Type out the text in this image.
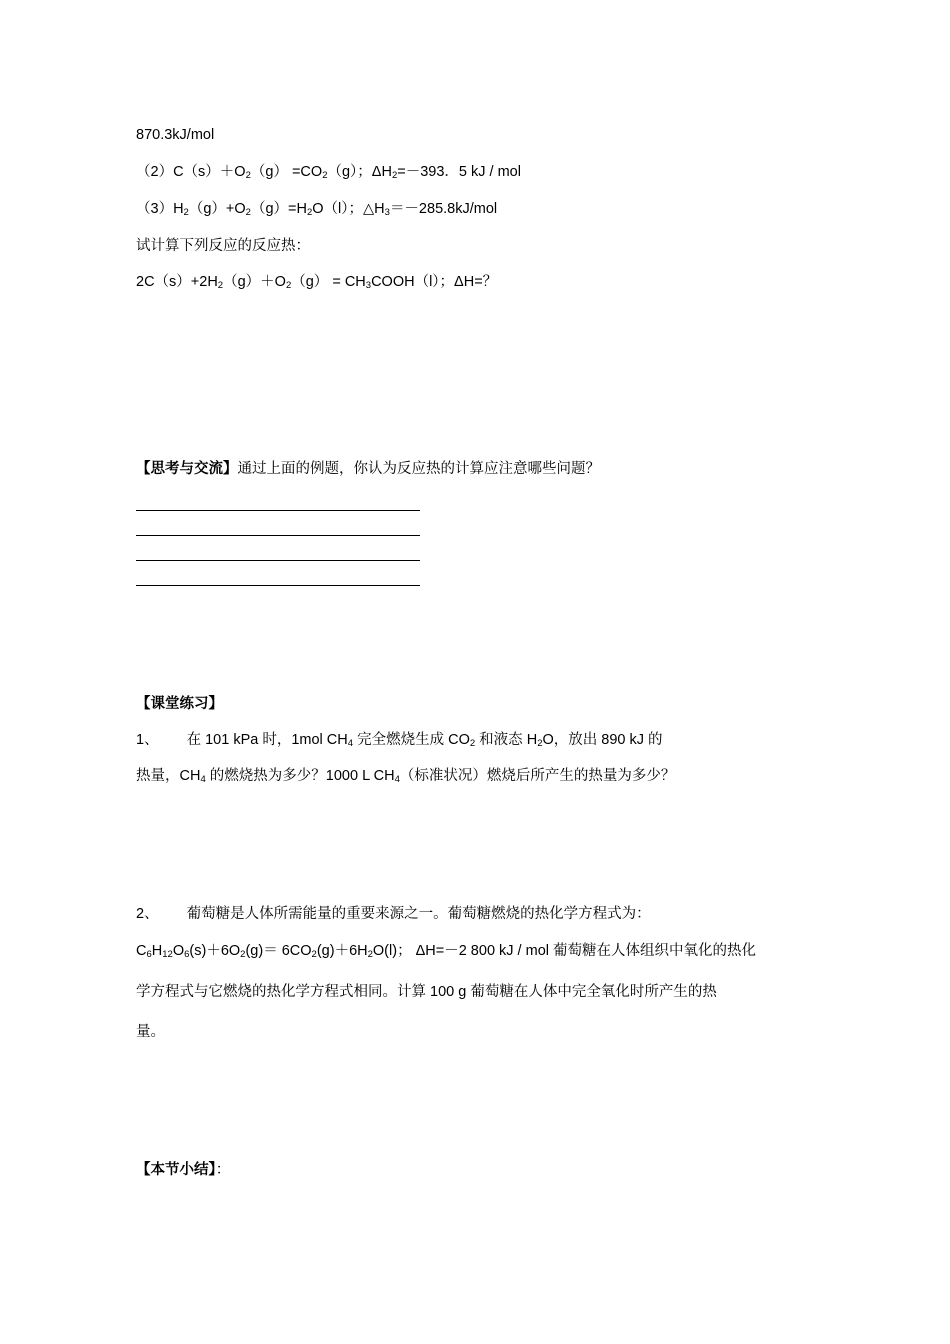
870.3kJ/mol
$(2)C(s)+O_2(g) =CO_2(g)$；$\Delta H_2=-393$．5 kJ / mol
$(3)H_2(g)+O_2(g)=H_2O(l)$；$\triangle H_3=-285.8kJ$/mol
试计算下列反应的反应热：
$2C(s)+2H_2(g)+O_2(g)$ = $CH_3COOH(l)$；ΔH=？
【思考与交流】通过上面的例题，你认为反应热的计算应注意哪些问题？
【课堂练习】
1、 在 101 kPa 时，1mol $CH_4$ 完全燃烧生成 $CO_2$ 和液态 $H_2O$，放出 890 kJ 的
热量，$CH_4$ 的燃烧热为多少？1000 L $CH_4$（标准状况）燃烧后所产生的热量为多少？
2、 葡萄糖是人体所需能量的重要来源之一。葡萄糖燃烧的热化学方程式为：
$C_6H_{12}O_6(s)+6O_2(g)= 6CO_2(g)+6H_2O(l)$； ΔH=－2 800 kJ / mol 葡萄糖在人体组织中氧化的热化
学方程式与它燃烧的热化学方程式相同。计算 100 g 葡萄糖在人体中完全氧化时所产生的热
量。
【本节小结】：
